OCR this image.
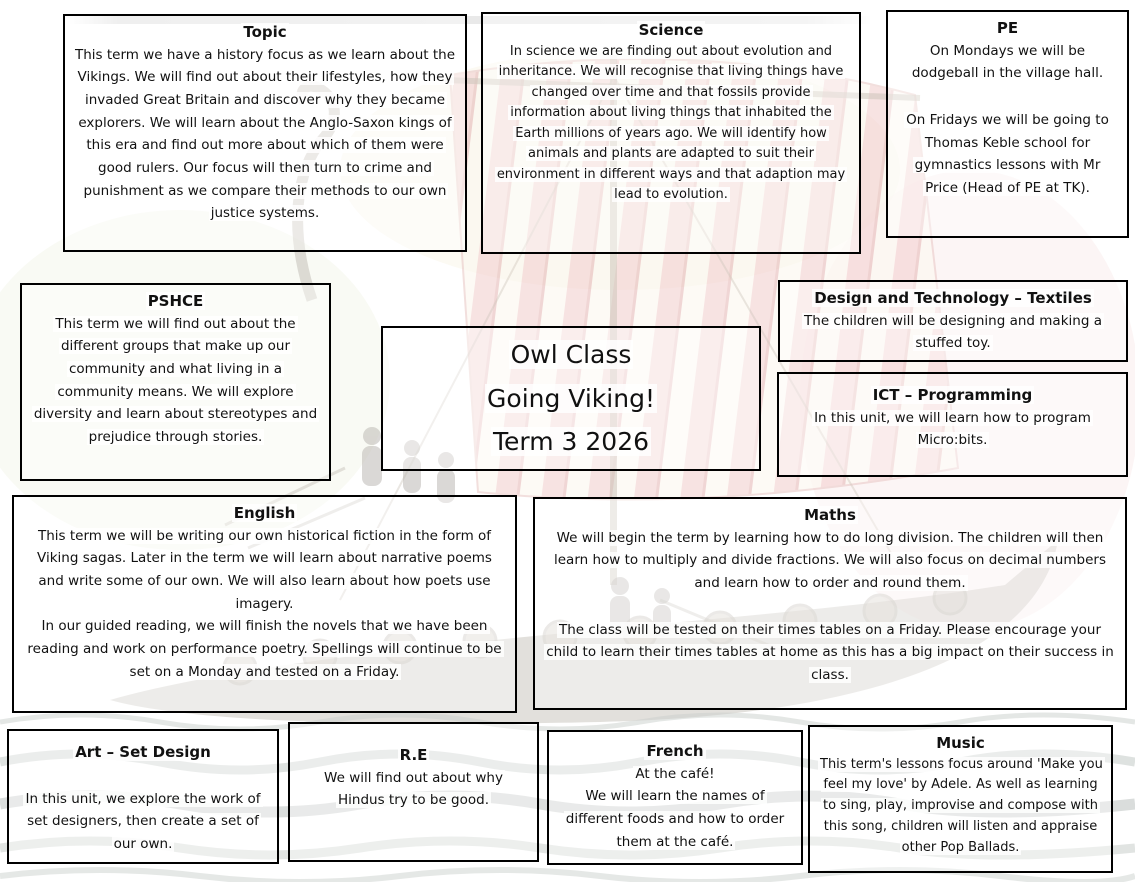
Topic

This term we have a history focus as we learn about the Vikings. We will find out about their lifestyles, how they invaded Great Britain and discover why they became explorers. We will learn about the Anglo-Saxon kings of this era and find out more about which of them were good rulers. Our focus will then turn to crime and punishment as we compare their methods to our own justice systems.

Science

In science we are finding out about evolution and inheritance. We will recognise that living things have changed over time and that fossils provide information about living things that inhabited the Earth millions of years ago. We will identify how animals and plants are adapted to suit their environment in different ways and that adaption may lead to evolution.

PE

On Mondays we will be dodgeball in the village hall.

On Fridays we will be going to Thomas Keble school for gymnastics lessons with Mr Price (Head of PE at TK).

PSHCE

This term we will find out about the different groups that make up our community and what living in a community means. We will explore diversity and learn about stereotypes and prejudice through stories.

Owl Class
Going Viking!
Term 3 2026
Design and Technology – Textiles

The children will be designing and making a stuffed toy.

ICT – Programming

In this unit, we will learn how to program Micro:bits.

English

This term we will be writing our own historical fiction in the form of Viking sagas. Later in the term we will learn about narrative poems and write some of our own. We will also learn about how poets use imagery.

In our guided reading, we will finish the novels that we have been reading and work on performance poetry. Spellings will continue to be set on a Monday and tested on a Friday.

Maths

We will begin the term by learning how to do long division. The children will then learn how to multiply and divide fractions. We will also focus on decimal numbers and learn how to order and round them.

The class will be tested on their times tables on a Friday. Please encourage your child to learn their times tables at home as this has a big impact on their success in class.

Art – Set Design

In this unit, we explore the work of set designers, then create a set of our own.

R.E

We will find out about why Hindus try to be good.

French

At the café!

We will learn the names of different foods and how to order them at the café.

Music

This term's lessons focus around 'Make you feel my love' by Adele. As well as learning to sing, play, improvise and compose with this song, children will listen and appraise other Pop Ballads.
